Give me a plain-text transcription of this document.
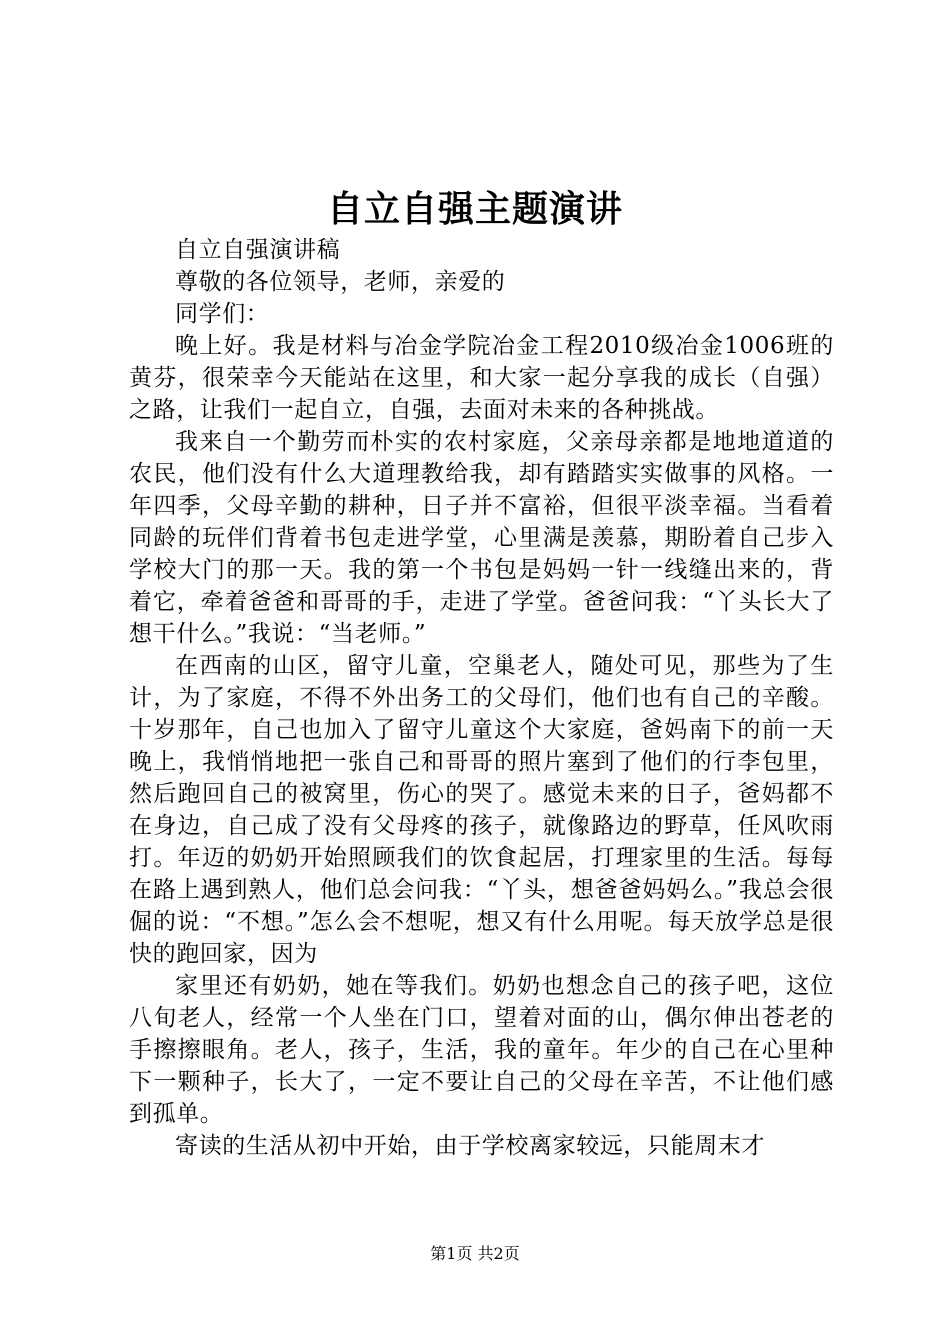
自立自强主题演讲

自立自强演讲稿

尊敬的各位领导，老师，亲爱的

同学们：

晚上好。我是材料与冶金学院冶金工程2010级冶金1006班的黄芬，很荣幸今天能站在这里，和大家一起分享我的成长（自强）之路，让我们一起自立，自强，去面对未来的各种挑战。

我来自一个勤劳而朴实的农村家庭，父亲母亲都是地地道道的农民，他们没有什么大道理教给我，却有踏踏实实做事的风格。一年四季，父母辛勤的耕种，日子并不富裕，但很平淡幸福。当看着同龄的玩伴们背着书包走进学堂，心里满是羡慕，期盼着自己步入学校大门的那一天。我的第一个书包是妈妈一针一线缝出来的，背着它，牵着爸爸和哥哥的手，走进了学堂。爸爸问我：“丫头长大了想干什么。”我说：“当老师。”

在西南的山区，留守儿童，空巢老人，随处可见，那些为了生计，为了家庭，不得不外出务工的父母们，他们也有自己的辛酸。十岁那年，自己也加入了留守儿童这个大家庭，爸妈南下的前一天晚上，我悄悄地把一张自己和哥哥的照片塞到了他们的行李包里，然后跑回自己的被窝里，伤心的哭了。感觉未来的日子，爸妈都不在身边，自己成了没有父母疼的孩子，就像路边的野草，任风吹雨打。年迈的奶奶开始照顾我们的饮食起居，打理家里的生活。每每在路上遇到熟人，他们总会问我：“丫头，想爸爸妈妈么。”我总会很倔的说：“不想。”怎么会不想呢，想又有什么用呢。每天放学总是很快的跑回家，因为

家里还有奶奶，她在等我们。奶奶也想念自己的孩子吧，这位八旬老人，经常一个人坐在门口，望着对面的山，偶尔伸出苍老的手擦擦眼角。老人，孩子，生活，我的童年。年少的自己在心里种下一颗种子，长大了，一定不要让自己的父母在辛苦，不让他们感到孤单。

寄读的生活从初中开始，由于学校离家较远，只能周末才

第1页 共2页
